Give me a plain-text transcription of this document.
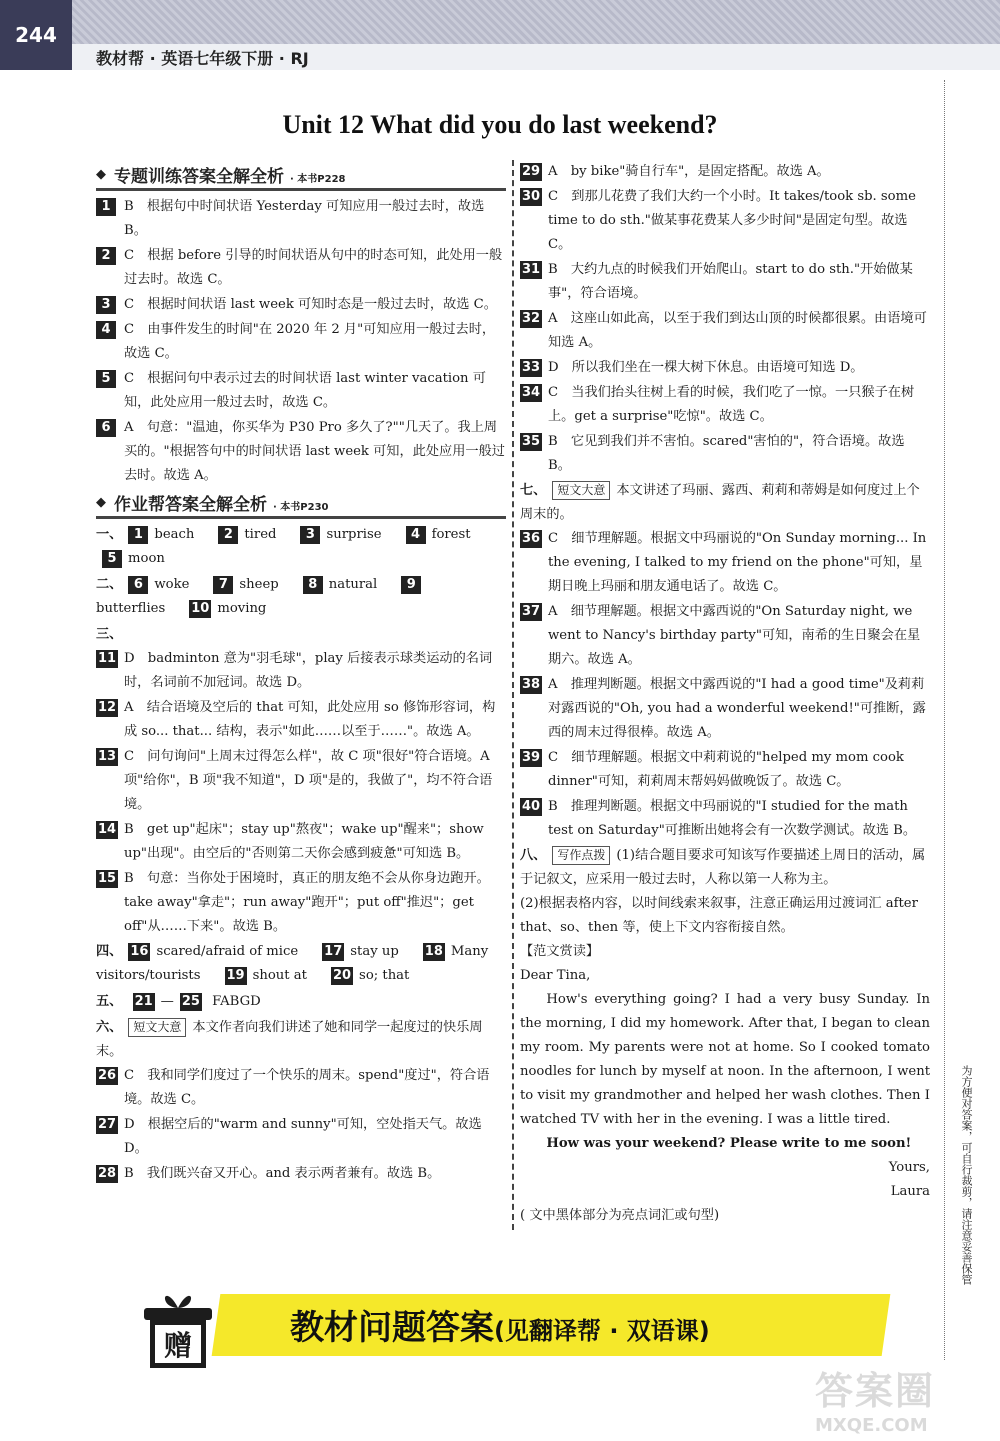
244
教材帮 · 英语七年级下册 · RJ
Unit 12 What did you do last weekend?
◆ 专题训练答案全解全析 · 本书P228
1	B　根据句中时间状语 Yesterday 可知应用一般过去时，故选 B。
2	C　根据 before 引导的时间状语从句中的时态可知，此处用一般过去时。故选 C。
3	C　根据时间状语 last week 可知时态是一般过去时，故选 C。
4	C　由事件发生的时间"在 2020 年 2 月"可知应用一般过去时，故选 C。
5	C　根据问句中表示过去的时间状语 last winter vacation 可知，此处应用一般过去时，故选 C。
6	A　句意："温迪，你买华为 P30 Pro 多久了?""几天了。我上周买的。"根据答句中的时间状语 last week 可知，此处应用一般过去时。故选 A。
◆ 作业帮答案全解全析 · 本书P230
一、 1 beach 2 tired 3 surprise 4 forest5 moon
二、 6 woke 7 sheep 8 natural 9butterflies 10 moving
三、
11 D　badminton 意为"羽毛球"，play 后接表示球类运动的名词时，名词前不加冠词。故选 D。
12 A　结合语境及空后的 that 可知，此处应用 so 修饰形容词，构成 so... that... 结构，表示"如此……以至于……"。故选 A。
13 C　问句询问"上周末过得怎么样"，故 C 项"很好"符合语境。A 项"给你"，B 项"我不知道"，D 项"是的，我做了"，均不符合语境。
14 B　get up"起床"；stay up"熬夜"；wake up"醒来"；show up"出现"。由空后的"否则第二天你会感到疲惫"可知选 B。
15 B　句意：当你处于困境时，真正的朋友绝不会从你身边跑开。take away"拿走"；run away"跑开"；put off"推迟"；get off"从……下来"。故选 B。
四、 16 scared/afraid of mice 17 stay up 18 Many visitors/tourists 19 shout at 20 so; that
五、 21 — 25 FABGD
六、 短文大意 本文作者向我们讲述了她和同学一起度过的快乐周末。
26 C　我和同学们度过了一个快乐的周末。spend"度过"，符合语境。故选 C。
27 D　根据空后的"warm and sunny"可知，空处指天气。故选 D。
28 B　我们既兴奋又开心。and 表示两者兼有。故选 B。
29 A　by bike"骑自行车"，是固定搭配。故选 A。
30 C　到那儿花费了我们大约一个小时。It takes/took sb. some time to do sth."做某事花费某人多少时间"是固定句型。故选 C。
31 B　大约九点的时候我们开始爬山。start to do sth."开始做某事"，符合语境。
32 A　这座山如此高，以至于我们到达山顶的时候都很累。由语境可知选 A。
33 D　所以我们坐在一棵大树下休息。由语境可知选 D。
34 C　当我们抬头往树上看的时候，我们吃了一惊。一只猴子在树上。get a surprise"吃惊"。故选 C。
35 B　它见到我们并不害怕。scared"害怕的"，符合语境。故选 B。
七、 短文大意 本文讲述了玛丽、露西、莉莉和蒂姆是如何度过上个周末的。
36 C　细节理解题。根据文中玛丽说的"On Sunday morning... In the evening, I talked to my friend on the phone"可知，星期日晚上玛丽和朋友通电话了。故选 C。
37 A　细节理解题。根据文中露西说的"On Saturday night, we went to Nancy's birthday party"可知，南希的生日聚会在星期六。故选 A。
38 A　推理判断题。根据文中露西说的"I had a good time"及莉莉对露西说的"Oh, you had a wonderful weekend!"可推断，露西的周末过得很棒。故选 A。
39 C　细节理解题。根据文中莉莉说的"helped my mom cook dinner"可知，莉莉周末帮妈妈做晚饭了。故选 C。
40 B　推理判断题。根据文中玛丽说的"I studied for the math test on Saturday"可推断出她将会有一次数学测试。故选 B。
八、 写作点拨 (1)结合题目要求可知该写作要描述上周日的活动，属于记叙文，应采用一般过去时，人称以第一人称为主。
(2)根据表格内容，以时间线索来叙事，注意正确运用过渡词汇 after that、so、then 等，使上下文内容衔接自然。
【范文赏读】

Dear Tina,

How's everything going? I had a very busy Sunday. In the morning, I did my homework. After that, I began to clean my room. My parents were not at home. So I cooked tomato noodles for lunch by myself at noon. In the afternoon, I went to visit my grandmother and helped her wash clothes. Then I watched TV with her in the evening. I was a little tired.

How was your weekend? Please write to me soon!

Yours,

Laura

( 文中黑体部分为亮点词汇或句型)	为方便对答案，可自行裁剪，请注意妥善保管
赠	教材问题答案(见翻译帮 · 双语课)
答案圈
MXQE.COM
